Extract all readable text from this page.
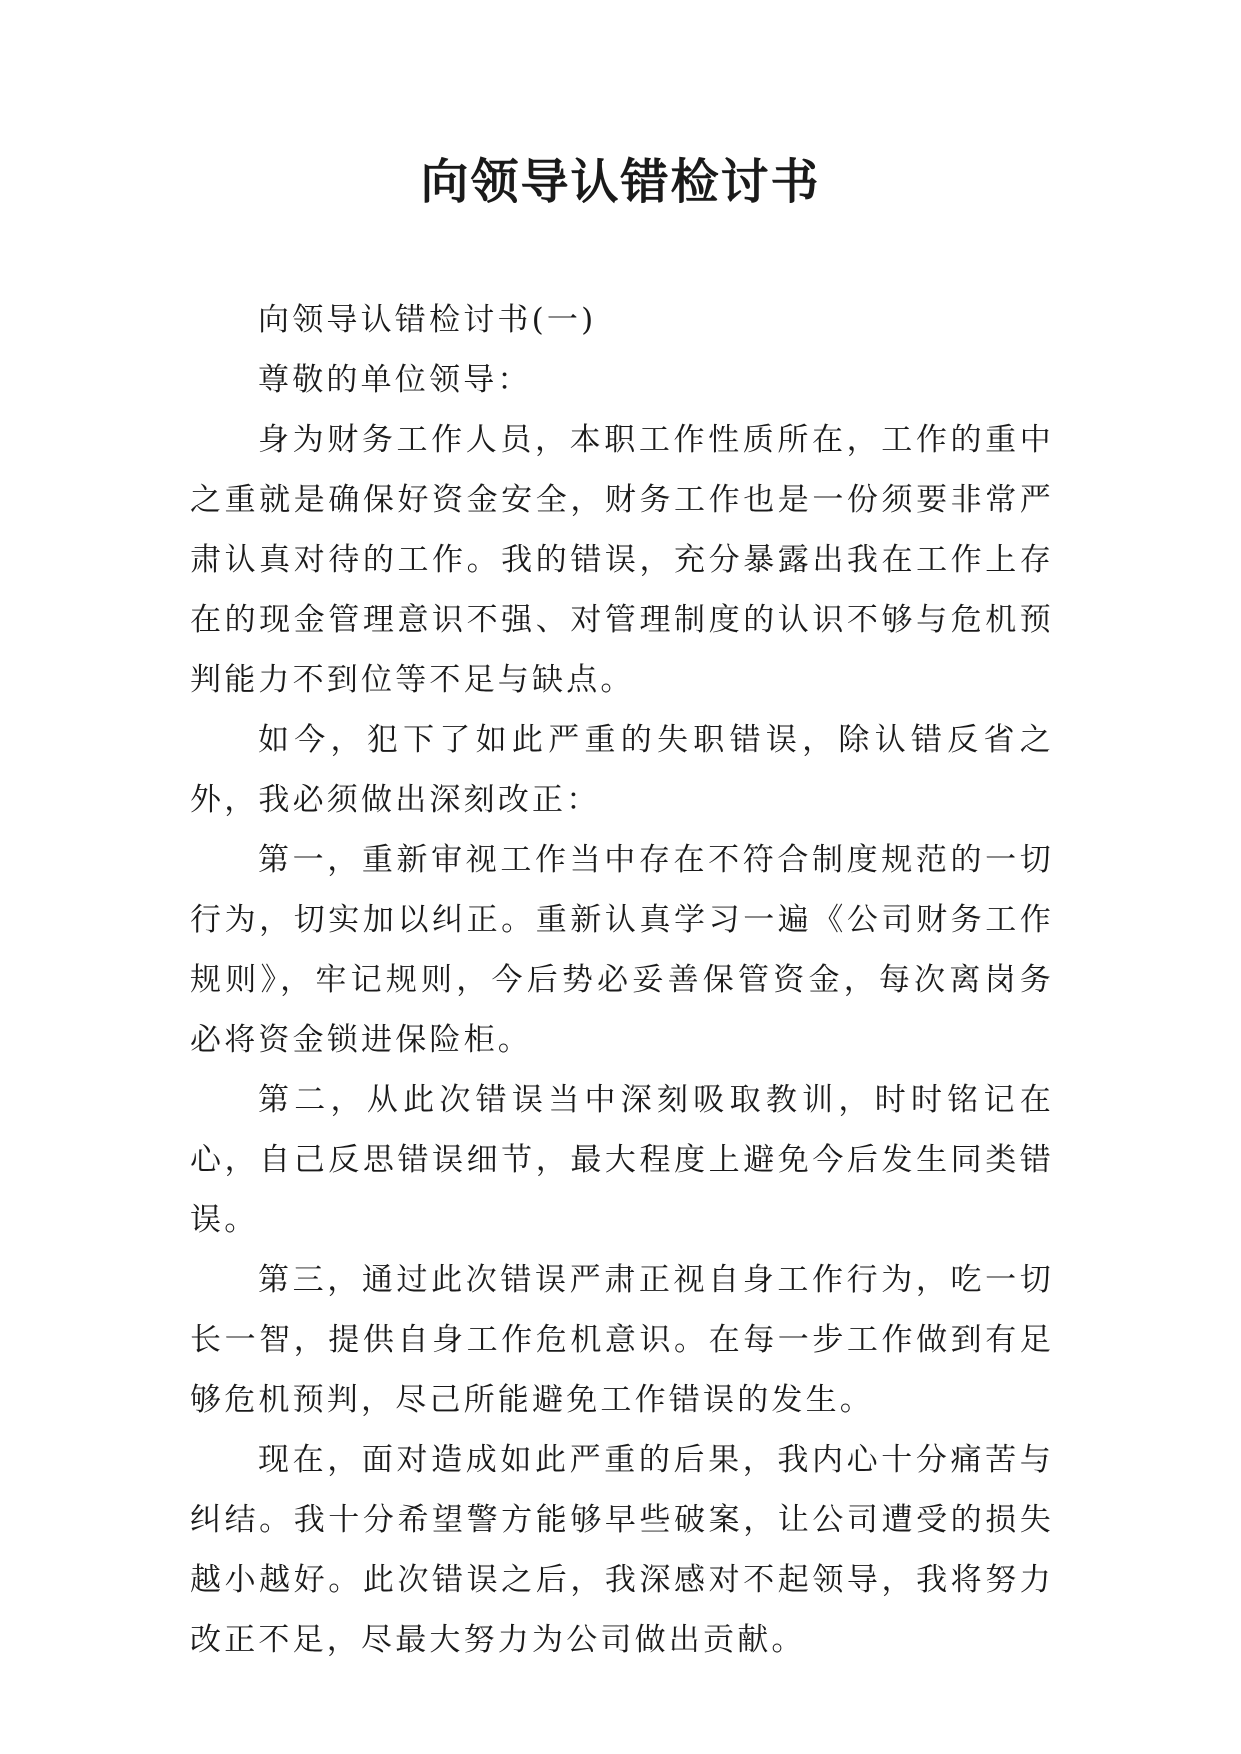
向领导认错检讨书

向领导认错检讨书(一)

尊敬的单位领导：

身为财务工作人员，本职工作性质所在，工作的重中之重就是确保好资金安全，财务工作也是一份须要非常严肃认真对待的工作。我的错误，充分暴露出我在工作上存在的现金管理意识不强、对管理制度的认识不够与危机预判能力不到位等不足与缺点。

如今，犯下了如此严重的失职错误，除认错反省之外，我必须做出深刻改正：

第一，重新审视工作当中存在不符合制度规范的一切行为，切实加以纠正。重新认真学习一遍《公司财务工作规则》，牢记规则，今后势必妥善保管资金，每次离岗务必将资金锁进保险柜。

第二，从此次错误当中深刻吸取教训，时时铭记在心，自己反思错误细节，最大程度上避免今后发生同类错误。

第三，通过此次错误严肃正视自身工作行为，吃一切长一智，提供自身工作危机意识。在每一步工作做到有足够危机预判，尽己所能避免工作错误的发生。

现在，面对造成如此严重的后果，我内心十分痛苦与纠结。我十分希望警方能够早些破案，让公司遭受的损失越小越好。此次错误之后，我深感对不起领导，我将努力改正不足，尽最大努力为公司做出贡献。
